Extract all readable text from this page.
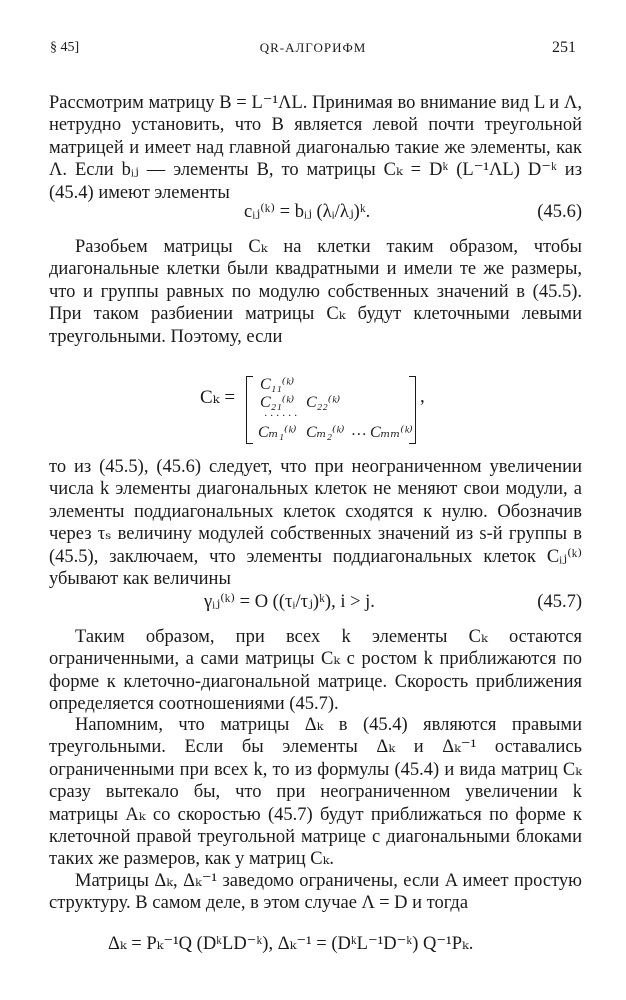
§ 45]	QR-АЛГОРИФМ	251
Рассмотрим матрицу B = L⁻¹ΛL. Принимая во внимание вид L и Λ, нетрудно установить, что B является левой почти треугольной матрицей и имеет над главной диагональю такие же элементы, как Λ. Если bᵢⱼ — элементы B, то матрицы Cₖ = Dᵏ (L⁻¹ΛL) D⁻ᵏ из (45.4) имеют элементы
cᵢⱼ⁽ᵏ⁾ = bᵢⱼ (λᵢ/λⱼ)ᵏ.	(45.6)
Разобьем матрицы Cₖ на клетки таким образом, чтобы диагональные клетки были квадратными и имели те же размеры, что и группы равных по модулю собственных значений в (45.5). При таком разбиении матрицы Cₖ будут клеточными левыми треугольными. Поэтому, если
Cₖ =
C₁₁⁽ᵏ⁾
C₂₁⁽ᵏ⁾ C₂₂⁽ᵏ⁾
· · · · · ·
Cₘ₁⁽ᵏ⁾ Cₘ₂⁽ᵏ⁾ … Cₘₘ⁽ᵏ⁾
,
то из (45.5), (45.6) следует, что при неограниченном увеличении числа k элементы диагональных клеток не меняют свои модули, а элементы поддиагональных клеток сходятся к нулю. Обозначив через τₛ величину модулей собственных значений из s-й группы в (45.5), заключаем, что элементы поддиагональных клеток Cᵢⱼ⁽ᵏ⁾ убывают как величины
γᵢⱼ⁽ᵏ⁾ = O ((τᵢ/τⱼ)ᵏ), i > j.	(45.7)
Таким образом, при всех k элементы Cₖ остаются ограниченными, а сами матрицы Cₖ с ростом k приближаются по форме к клеточно-диагональной матрице. Скорость приближения определяется соотношениями (45.7).
Напомним, что матрицы Δₖ в (45.4) являются правыми треугольными. Если бы элементы Δₖ и Δₖ⁻¹ оставались ограниченными при всех k, то из формулы (45.4) и вида матриц Cₖ сразу вытекало бы, что при неограниченном увеличении k матрицы Aₖ со скоростью (45.7) будут приближаться по форме к клеточной правой треугольной матрице с диагональными блоками таких же размеров, как у матриц Cₖ.
Матрицы Δₖ, Δₖ⁻¹ заведомо ограничены, если A имеет простую структуру. В самом деле, в этом случае Λ = D и тогда
Δₖ = Pₖ⁻¹Q (DᵏLD⁻ᵏ), Δₖ⁻¹ = (DᵏL⁻¹D⁻ᵏ) Q⁻¹Pₖ.
